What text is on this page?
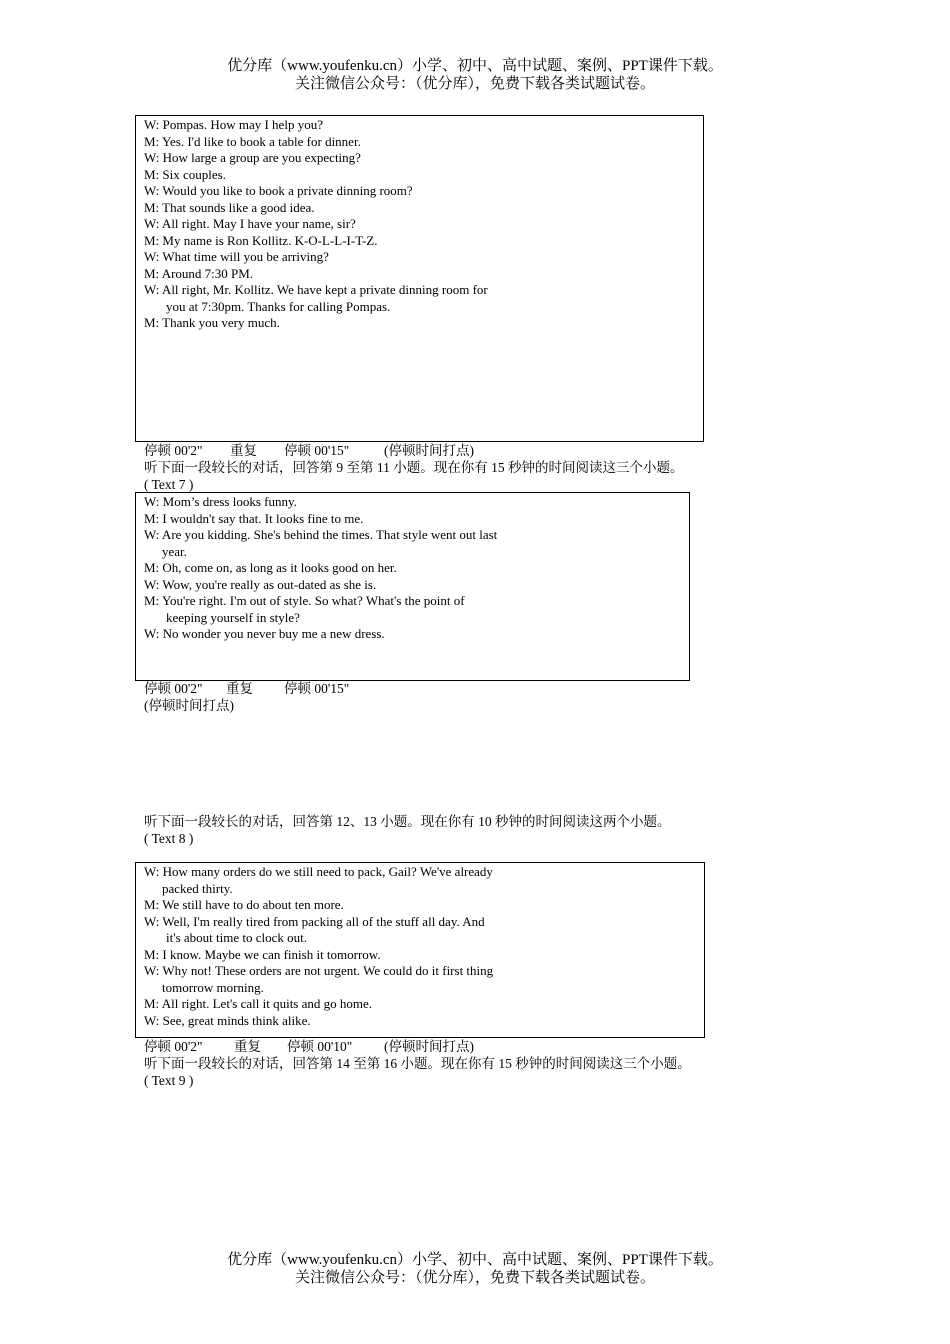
优分库（www.youfenku.cn）小学、初中、高中试题、案例、PPT课件下载。
关注微信公众号：（优分库），免费下载各类试题试卷。
W: Pompas. How may I help you?
M: Yes. I'd like to book a table for dinner.
W: How large a group are you expecting?
M: Six couples.
W: Would you like to book a private dinning room?
M: That sounds like a good idea.
W: All right. May I have your name, sir?
M: My name is Ron Kollitz. K-O-L-L-I-T-Z.
W: What time will you be arriving?
M: Around 7:30 PM.
W: All right, Mr. Kollitz. We have kept a private dinning room for
you at 7:30pm. Thanks for calling Pompas.
M: Thank you very much.
停顿 00'2" 重复 停顿 00'15"	(停顿时间打点)
听下面一段较长的对话，回答第 9 至第 11 小题。现在你有 15 秒钟的时间阅读这三个小题。
( Text 7 )
W: Mom’s dress looks funny.
M: I wouldn't say that. It looks fine to me.
W: Are you kidding. She's behind the times. That style went out last
year.
M: Oh, come on, as long as it looks good on her.
W: Wow, you're really as out-dated as she is.
M: You're right. I'm out of style. So what? What's the point of
keeping yourself in style?
W: No wonder you never buy me a new dress.
停顿 00'2" 重复 停顿 00'15"
(停顿时间打点)
听下面一段较长的对话，回答第 12、13 小题。现在你有 10 秒钟的时间阅读这两个小题。
( Text 8 )
W: How many orders do we still need to pack, Gail? We've already
packed thirty.
M: We still have to do about ten more.
W: Well, I'm really tired from packing all of the stuff all day. And
it's about time to clock out.
M: I know. Maybe we can finish it tomorrow.
W: Why not! These orders are not urgent. We could do it first thing
tomorrow morning.
M: All right. Let's call it quits and go home.
W: See, great minds think alike.
停顿 00'2" 重复 停顿 00'10" (停顿时间打点)
听下面一段较长的对话，回答第 14 至第 16 小题。现在你有 15 秒钟的时间阅读这三个小题。
( Text 9 )
优分库（www.youfenku.cn）小学、初中、高中试题、案例、PPT课件下载。
关注微信公众号：（优分库），免费下载各类试题试卷。
